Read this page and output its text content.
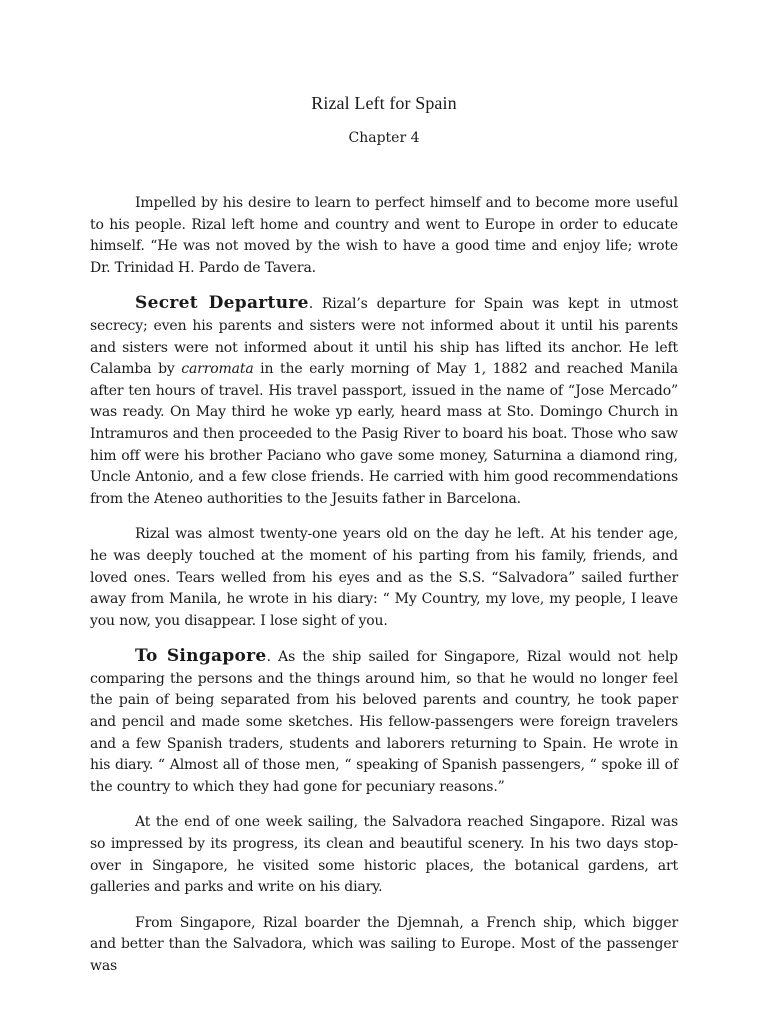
Rizal Left for Spain
Chapter 4

Impelled by his desire to learn to perfect himself and to become more useful to his people. Rizal left home and country and went to Europe in order to educate himself. “He was not moved by the wish to have a good time and enjoy life; wrote Dr. Trinidad H. Pardo de Tavera.

Secret Departure. Rizal’s departure for Spain was kept in utmost secrecy; even his parents and sisters were not informed about it until his parents and sisters were not informed about it until his ship has lifted its anchor. He left Calamba by carromata in the early morning of May 1, 1882 and reached Manila after ten hours of travel. His travel passport, issued in the name of “Jose Mercado” was ready. On May third he woke yp early, heard mass at Sto. Domingo Church in Intramuros and then proceeded to the Pasig River to board his boat. Those who saw him off were his brother Paciano who gave some money, Saturnina a diamond ring, Uncle Antonio, and a few close friends. He carried with him good recommendations from the Ateneo authorities to the Jesuits father in Barcelona.

Rizal was almost twenty-one years old on the day he left. At his tender age, he was deeply touched at the moment of his parting from his family, friends, and loved ones. Tears welled from his eyes and as the S.S. “Salvadora” sailed further away from Manila, he wrote in his diary: “ My Country, my love, my people, I leave you now, you disappear. I lose sight of you.

To Singapore. As the ship sailed for Singapore, Rizal would not help comparing the persons and the things around him, so that he would no longer feel the pain of being separated from his beloved parents and country, he took paper and pencil and made some sketches. His fellow-passengers were foreign travelers and a few Spanish traders, students and laborers returning to Spain. He wrote in his diary. “ Almost all of those men, “ speaking of Spanish passengers, “ spoke ill of the country to which they had gone for pecuniary reasons.”

At the end of one week sailing, the Salvadora reached Singapore. Rizal was so impressed by its progress, its clean and beautiful scenery. In his two days stop-over in Singapore, he visited some historic places, the botanical gardens, art galleries and parks and write on his diary.

From Singapore, Rizal boarder the Djemnah, a French ship, which bigger and better than the Salvadora, which was sailing to Europe. Most of the passenger was
